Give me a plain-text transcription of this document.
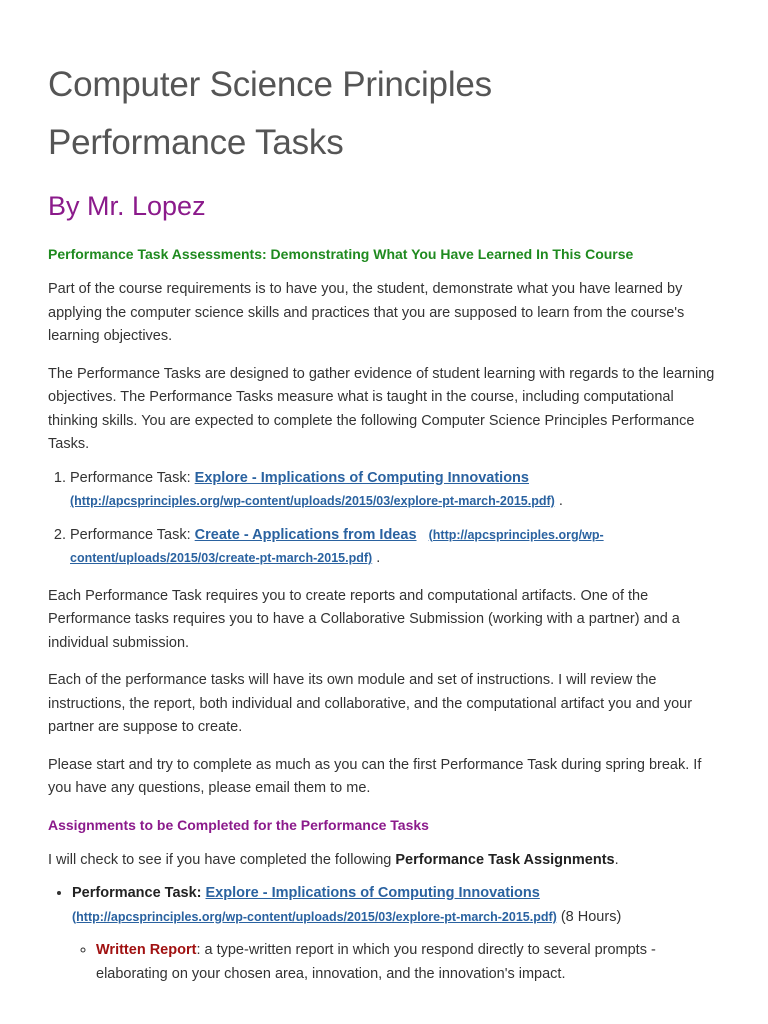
Computer Science Principles
Performance Tasks
By Mr. Lopez
Performance Task Assessments: Demonstrating What You Have Learned In This Course

Part of the course requirements is to have you, the student, demonstrate what you have learned by applying the computer science skills and practices that you are supposed to learn from the course's learning objectives.

The Performance Tasks are designed to gather evidence of student learning with regards to the learning objectives. The Performance Tasks measure what is taught in the course, including computational thinking skills. You are expected to complete the following Computer Science Principles Performance Tasks.

1. Performance Task: Explore - Implications of Computing Innovations
(http://apcsprinciples.org/wp-content/uploads/2015/03/explore-pt-march-2015.pdf) .
2. Performance Task: Create - Applications from Ideas (http://apcsprinciples.org/wp-content/uploads/2015/03/create-pt-march-2015.pdf) .

Each Performance Task requires you to create reports and computational artifacts. One of the Performance tasks requires you to have a Collaborative Submission (working with a partner) and a individual submission.

Each of the performance tasks will have its own module and set of instructions. I will review the instructions, the report, both individual and collaborative, and the computational artifact you and your partner are suppose to create.

Please start and try to complete as much as you can the first Performance Task during spring break. If you have any questions, please email them to me.

Assignments to be Completed for the Performance Tasks

I will check to see if you have completed the following Performance Task Assignments.

• Performance Task: Explore - Implications of Computing Innovations
(http://apcsprinciples.org/wp-content/uploads/2015/03/explore-pt-march-2015.pdf) (8 Hours)
◦ Written Report: a type-written report in which you respond directly to several prompts - elaborating on your chosen area, innovation, and the innovation's impact.
